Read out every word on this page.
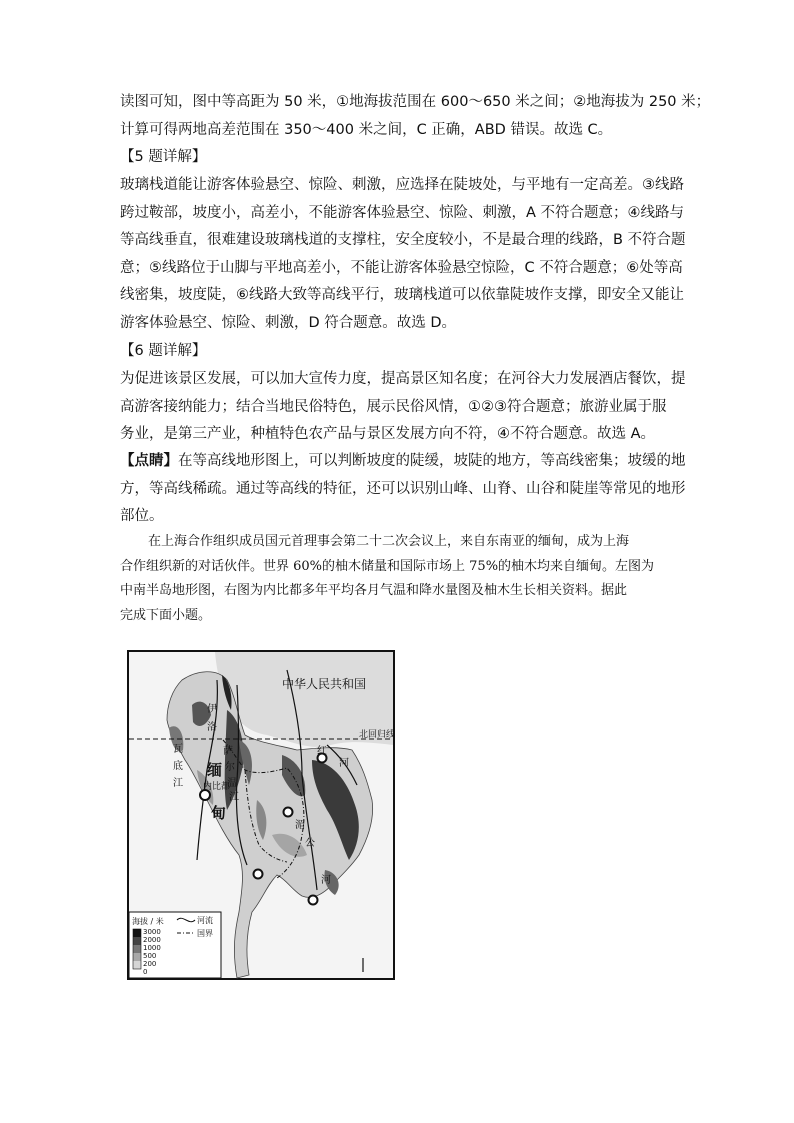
读图可知，图中等高距为 50 米，①地海拔范围在 600～650 米之间；②地海拔为 250 米；

计算可得两地高差范围在 350～400 米之间，C 正确，ABD 错误。故选 C。

【5 题详解】

玻璃栈道能让游客体验悬空、惊险、刺激，应选择在陡坡处，与平地有一定高差。③线路

跨过鞍部，坡度小，高差小，不能游客体验悬空、惊险、刺激，A 不符合题意；④线路与

等高线垂直，很难建设玻璃栈道的支撑柱，安全度较小，不是最合理的线路，B 不符合题

意；⑤线路位于山脚与平地高差小，不能让游客体验悬空惊险，C 不符合题意；⑥处等高

线密集，坡度陡，⑥线路大致等高线平行，玻璃栈道可以依靠陡坡作支撑，即安全又能让

游客体验悬空、惊险、刺激，D 符合题意。故选 D。

【6 题详解】

为促进该景区发展，可以加大宣传力度，提高景区知名度；在河谷大力发展酒店餐饮，提

高游客接纳能力；结合当地民俗特色，展示民俗风情，①②③符合题意；旅游业属于服

务业，是第三产业，种植特色农产品与景区发展方向不符，④不符合题意。故选 A。

【点睛】在等高线地形图上，可以判断坡度的陡缓，坡陡的地方，等高线密集；坡缓的地

方，等高线稀疏。通过等高线的特征，还可以识别山峰、山脊、山谷和陡崖等常见的地形

部位。

在上海合作组织成员国元首理事会第二十二次会议上，来自东南亚的缅甸，成为上海

合作组织新的对话伙伴。世界 60%的柚木储量和国际市场上 75%的柚木均来自缅甸。左图为

中南半岛地形图，右图为内比都多年平均各月气温和降水量图及柚木生长相关资料。据此

完成下面小题。

中华人民共和国
北回归线
伊
洛
瓦
底
江
萨
尔
温
江
缅
甸
内比都
红
河
湄
公
河
海拔 / 米
3000
2000
1000
500
200
0
河流
国界
